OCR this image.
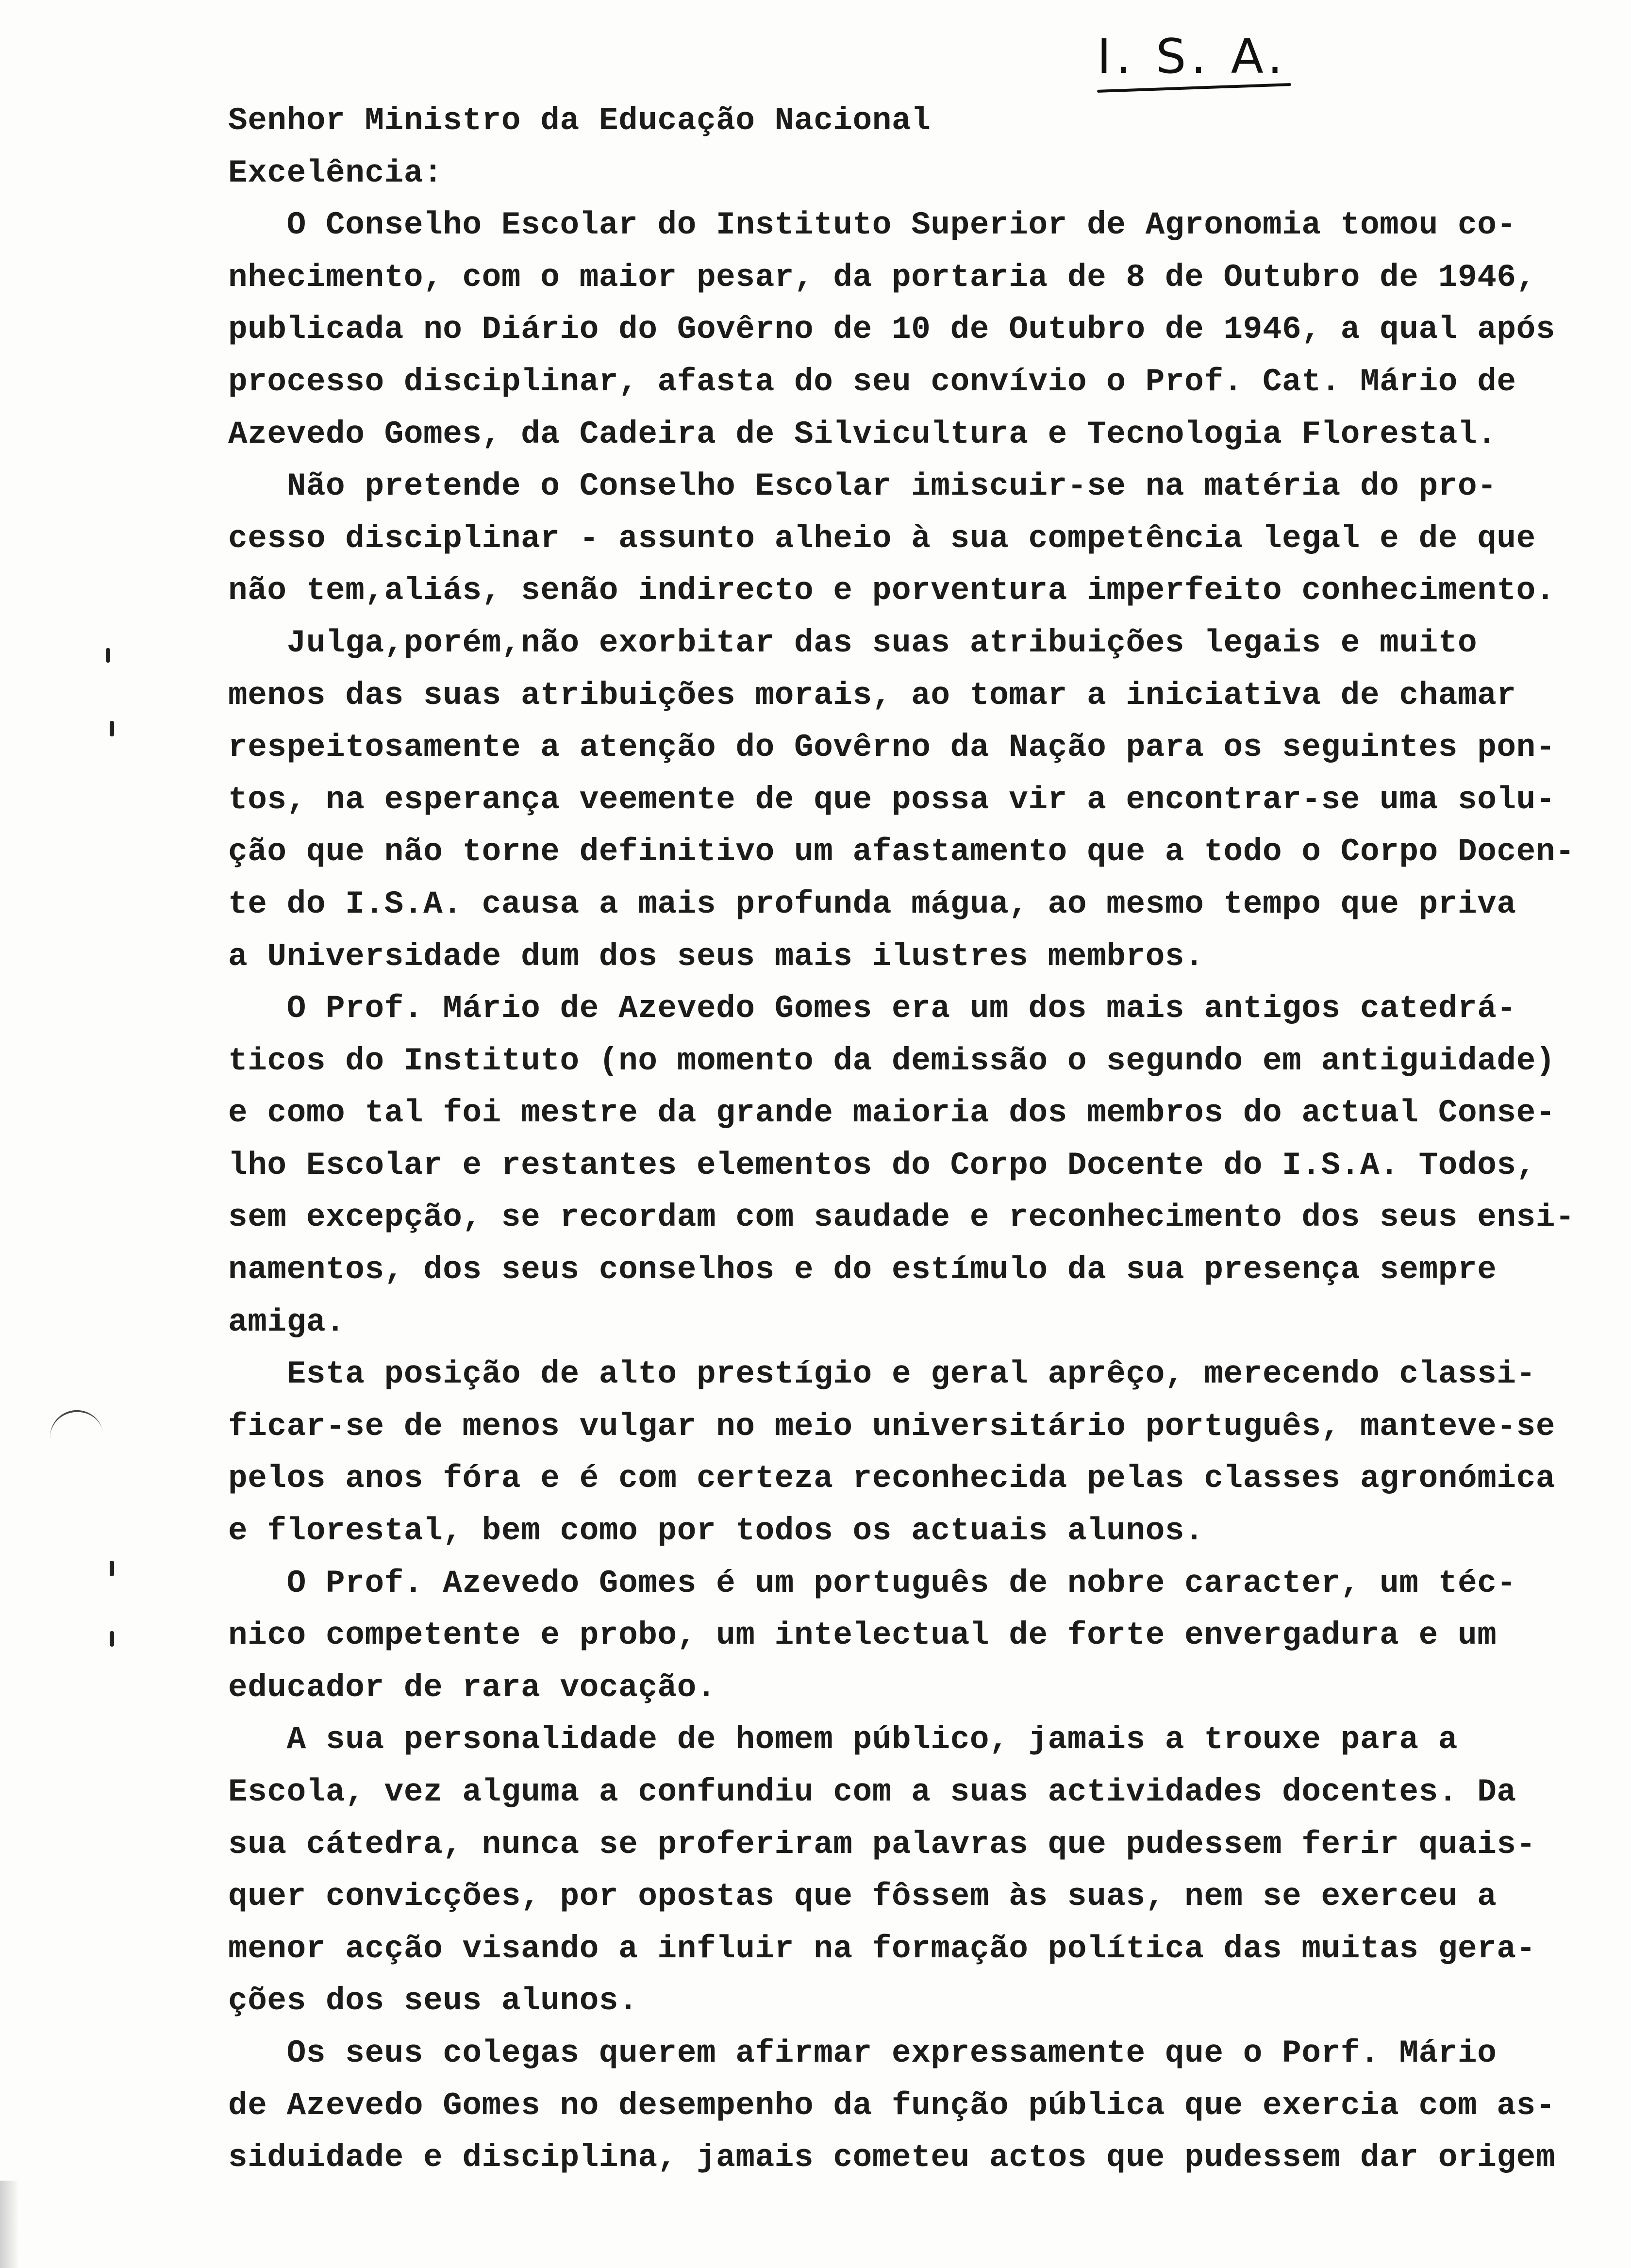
I. S. A.
Senhor Ministro da Educação Nacional
Excelência:
O Conselho Escolar do Instituto Superior de Agronomia tomou co-
nhecimento, com o maior pesar, da portaria de 8 de Outubro de 1946,
publicada no Diário do Govêrno de 10 de Outubro de 1946, a qual após
processo disciplinar, afasta do seu convívio o Prof. Cat. Mário de
Azevedo Gomes, da Cadeira de Silvicultura e Tecnologia Florestal.
Não pretende o Conselho Escolar imiscuir-se na matéria do pro-
cesso disciplinar - assunto alheio à sua competência legal e de que
não tem,aliás, senão indirecto e porventura imperfeito conhecimento.
Julga,porém,não exorbitar das suas atribuições legais e muito
menos das suas atribuições morais, ao tomar a iniciativa de chamar
respeitosamente a atenção do Govêrno da Nação para os seguintes pon-
tos, na esperança veemente de que possa vir a encontrar-se uma solu-
ção que não torne definitivo um afastamento que a todo o Corpo Docen-
te do I.S.A. causa a mais profunda mágua, ao mesmo tempo que priva
a Universidade dum dos seus mais ilustres membros.
O Prof. Mário de Azevedo Gomes era um dos mais antigos catedrá-
ticos do Instituto (no momento da demissão o segundo em antiguidade)
e como tal foi mestre da grande maioria dos membros do actual Conse-
lho Escolar e restantes elementos do Corpo Docente do I.S.A. Todos,
sem excepção, se recordam com saudade e reconhecimento dos seus ensi-
namentos, dos seus conselhos e do estímulo da sua presença sempre
amiga.
Esta posição de alto prestígio e geral aprêço, merecendo classi-
ficar-se de menos vulgar no meio universitário português, manteve-se
pelos anos fóra e é com certeza reconhecida pelas classes agronómica
e florestal, bem como por todos os actuais alunos.
O Prof. Azevedo Gomes é um português de nobre caracter, um téc-
nico competente e probo, um intelectual de forte envergadura e um
educador de rara vocação.
A sua personalidade de homem público, jamais a trouxe para a
Escola, vez alguma a confundiu com a suas actividades docentes. Da
sua cátedra, nunca se proferiram palavras que pudessem ferir quais-
quer convicções, por opostas que fôssem às suas, nem se exerceu a
menor acção visando a influir na formação política das muitas gera-
ções dos seus alunos.
Os seus colegas querem afirmar expressamente que o Porf. Mário
de Azevedo Gomes no desempenho da função pública que exercia com as-
siduidade e disciplina, jamais cometeu actos que pudessem dar origem
